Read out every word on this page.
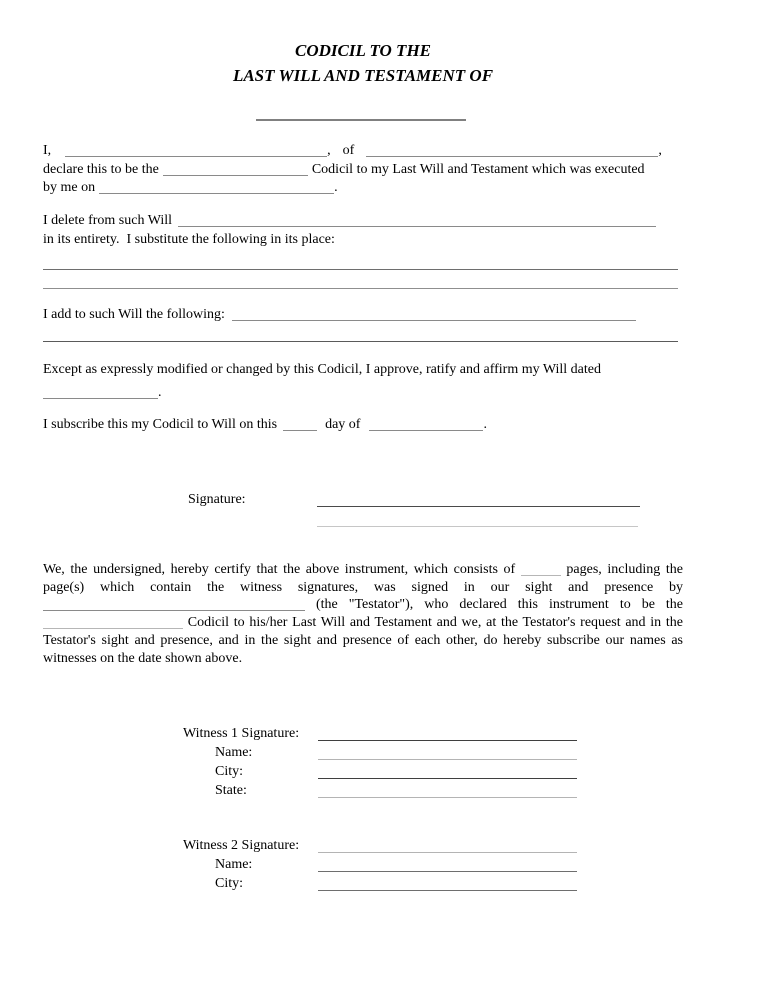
CODICIL TO THE
LAST WILL AND TESTAMENT OF
I,	, of	,
declare this to be the	Codicil to my Last Will and Testament which was executed
by me on	.
I delete from such Will
in its entirety.  I substitute the following in its place:
I add to such Will the following:
Except as expressly modified or changed by this Codicil, I approve, ratify and affirm my Will dated
.
I subscribe this my Codicil to Will on this	day of	.
Signature:
We, the undersigned, hereby certify that the above instrument, which consists of	pages, including the page(s) which contain the witness signatures, was signed in our sight and presence by  (the "Testator"), who declared this instrument to be the  Codicil to his/her Last Will and Testament and we, at the Testator's request and in the Testator's sight and presence, and in the sight and presence of each other, do hereby subscribe our names as witnesses on the date shown above.
Witness 1 Signature:
Name:
City:
State:
Witness 2 Signature:
Name:
City:
